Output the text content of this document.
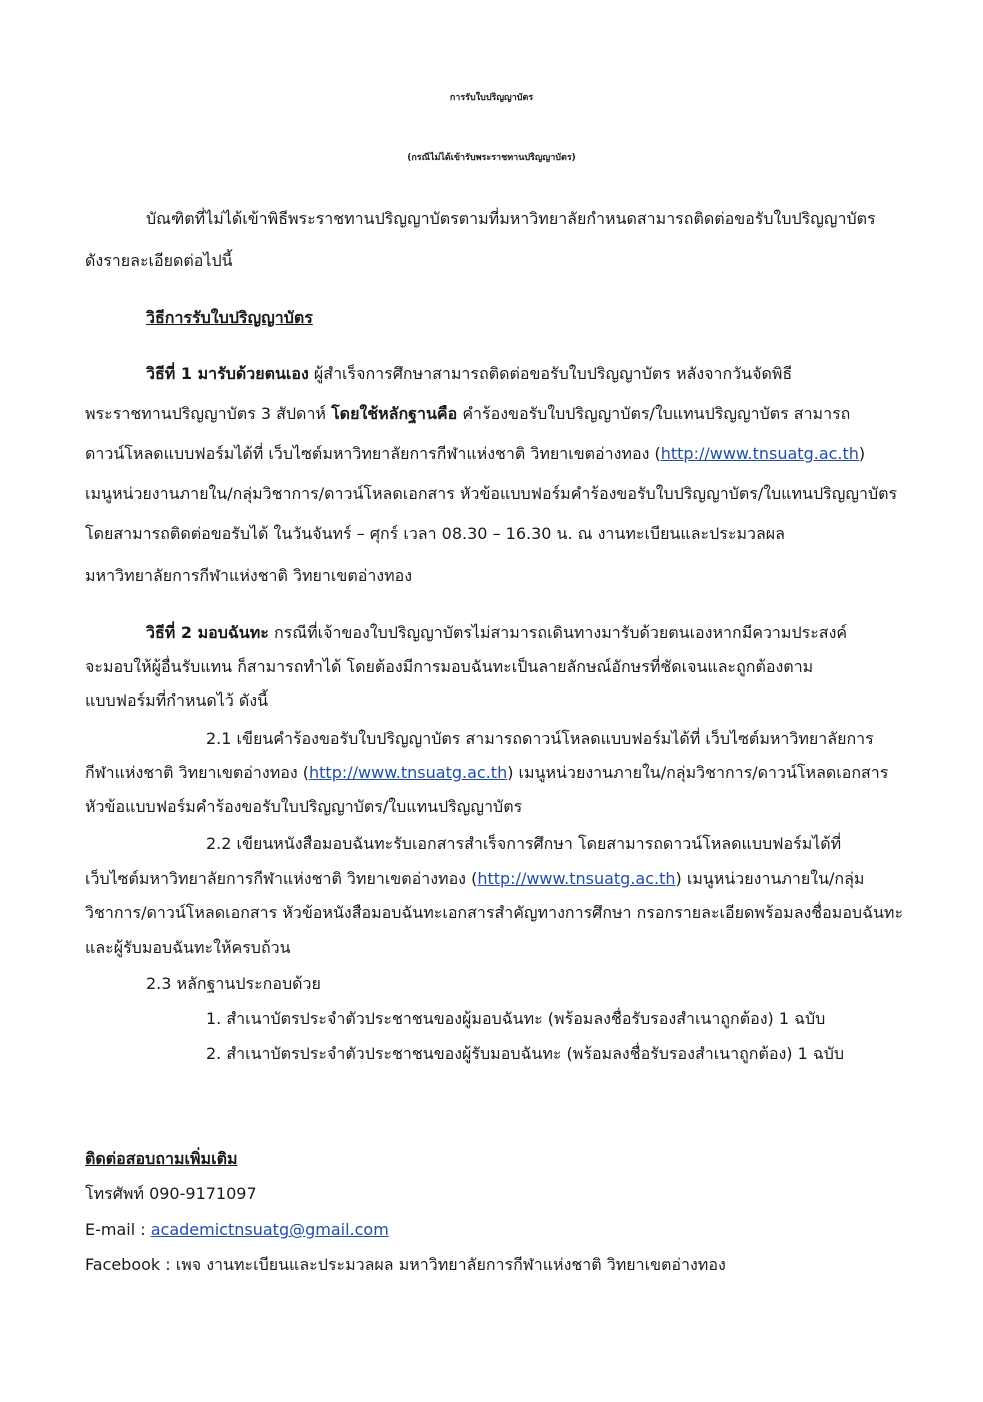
การรับใบปริญญาบัตร
(กรณีไม่ได้เข้ารับพระราชทานปริญญาบัตร)
บัณฑิตที่ไม่ได้เข้าพิธีพระราชทานปริญญาบัตรตามที่มหาวิทยาลัยกำหนดสามารถติดต่อขอรับใบปริญญาบัตร
ดังรายละเอียดต่อไปนี้
วิธีการรับใบปริญญาบัตร
วิธีที่ 1 มารับด้วยตนเอง ผู้สำเร็จการศึกษาสามารถติดต่อขอรับใบปริญญาบัตร หลังจากวันจัดพิธี
พระราชทานปริญญาบัตร 3 สัปดาห์ โดยใช้หลักฐานคือ คำร้องขอรับใบปริญญาบัตร/ใบแทนปริญญาบัตร สามารถ
ดาวน์โหลดแบบฟอร์มได้ที่ เว็บไซต์มหาวิทยาลัยการกีฬาแห่งชาติ วิทยาเขตอ่างทอง (http://www.tnsuatg.ac.th)
เมนูหน่วยงานภายใน/กลุ่มวิชาการ/ดาวน์โหลดเอกสาร หัวข้อแบบฟอร์มคำร้องขอรับใบปริญญาบัตร/ใบแทนปริญญาบัตร
โดยสามารถติดต่อขอรับได้ ในวันจันทร์ – ศุกร์ เวลา 08.30 – 16.30 น. ณ งานทะเบียนและประมวลผล
มหาวิทยาลัยการกีฬาแห่งชาติ วิทยาเขตอ่างทอง
วิธีที่ 2 มอบฉันทะ กรณีที่เจ้าของใบปริญญาบัตรไม่สามารถเดินทางมารับด้วยตนเองหากมีความประสงค์
จะมอบให้ผู้อื่นรับแทน ก็สามารถทำได้ โดยต้องมีการมอบฉันทะเป็นลายลักษณ์อักษรที่ชัดเจนและถูกต้องตาม
แบบฟอร์มที่กำหนดไว้ ดังนี้
2.1 เขียนคำร้องขอรับใบปริญญาบัตร สามารถดาวน์โหลดแบบฟอร์มได้ที่ เว็บไซต์มหาวิทยาลัยการ
กีฬาแห่งชาติ วิทยาเขตอ่างทอง (http://www.tnsuatg.ac.th) เมนูหน่วยงานภายใน/กลุ่มวิชาการ/ดาวน์โหลดเอกสาร
หัวข้อแบบฟอร์มคำร้องขอรับใบปริญญาบัตร/ใบแทนปริญญาบัตร
2.2 เขียนหนังสือมอบฉันทะรับเอกสารสำเร็จการศึกษา โดยสามารถดาวน์โหลดแบบฟอร์มได้ที่
เว็บไซต์มหาวิทยาลัยการกีฬาแห่งชาติ วิทยาเขตอ่างทอง (http://www.tnsuatg.ac.th) เมนูหน่วยงานภายใน/กลุ่ม
วิชาการ/ดาวน์โหลดเอกสาร หัวข้อหนังสือมอบฉันทะเอกสารสำคัญทางการศึกษา กรอกรายละเอียดพร้อมลงชื่อมอบฉันทะ
และผู้รับมอบฉันทะให้ครบถ้วน
2.3 หลักฐานประกอบด้วย
1. สำเนาบัตรประจำตัวประชาชนของผู้มอบฉันทะ (พร้อมลงชื่อรับรองสำเนาถูกต้อง) 1 ฉบับ
2. สำเนาบัตรประจำตัวประชาชนของผู้รับมอบฉันทะ (พร้อมลงชื่อรับรองสำเนาถูกต้อง) 1 ฉบับ
ติดต่อสอบถามเพิ่มเติม
โทรศัพท์ 090-9171097
E-mail : academictnsuatg@gmail.com
Facebook : เพจ งานทะเบียนและประมวลผล มหาวิทยาลัยการกีฬาแห่งชาติ วิทยาเขตอ่างทอง
